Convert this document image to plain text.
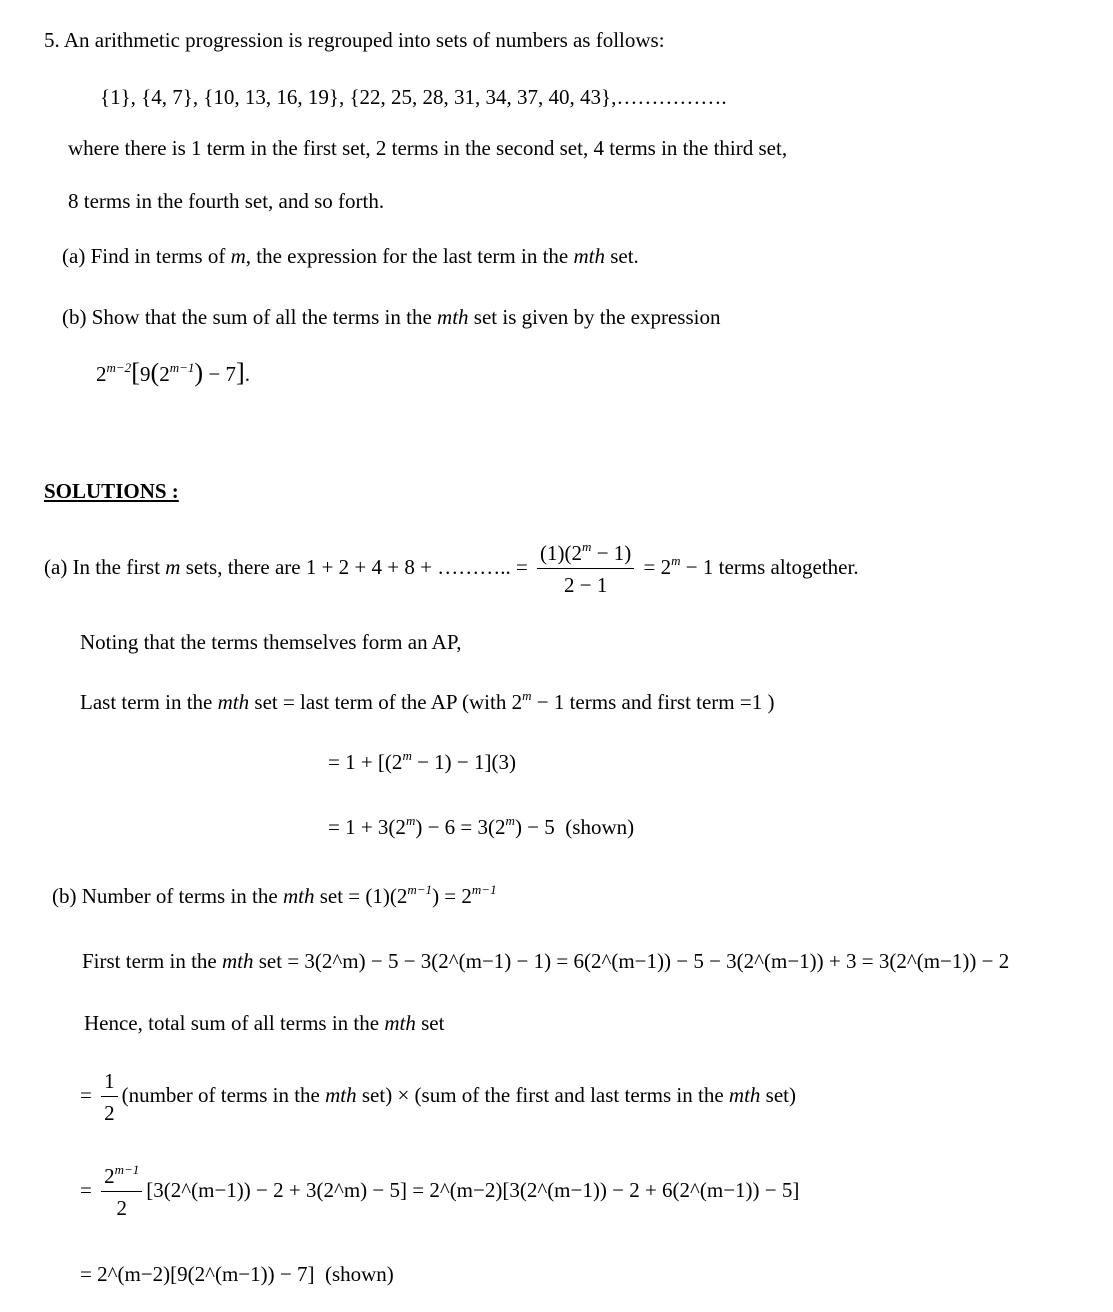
5. An arithmetic progression is regrouped into sets of numbers as follows:
{1}, {4, 7}, {10, 13, 16, 19}, {22, 25, 28, 31, 34, 37, 40, 43},…………….
where there is 1 term in the first set, 2 terms in the second set, 4 terms in the third set,
8 terms in the fourth set, and so forth.
(a) Find in terms of m, the expression for the last term in the mth set.
(b) Show that the sum of all the terms in the mth set is given by the expression
$2^{m-2}[9(2^{m-1}) - 7]$.
SOLUTIONS :
(a) In the first m sets, there are 1 + 2 + 4 + 8 + ……….. = $\frac{(1)(2^m - 1)}{2 - 1} = 2^m - 1$ terms altogether.
Noting that the terms themselves form an AP,
Last term in the mth set = last term of the AP (with $2^m - 1$ terms and first term =1 )
= $1 + [(2^m - 1) - 1](3)$
= $1 + 3(2^m) - 6 = 3(2^m) - 5$ (shown)
(b) Number of terms in the mth set = $(1)(2^{m-1}) = 2^{m-1}$
First term in the mth set = 3(2^m) − 5 − 3(2^(m−1) − 1) = 6(2^(m−1)) − 5 − 3(2^(m−1)) + 3 = 3(2^(m−1)) − 2
Hence, total sum of all terms in the mth set
= $\frac{1}{2}$ (number of terms in the mth set) × (sum of the first and last terms in the mth set)
= $\frac{2^{m-1}}{2}$ [3(2^(m−1)) − 2 + 3(2^m) − 5] = 2^(m−2)[3(2^(m−1)) − 2 + 6(2^(m−1)) − 5]
= 2^(m−2)[9(2^(m−1)) − 7] (shown)
